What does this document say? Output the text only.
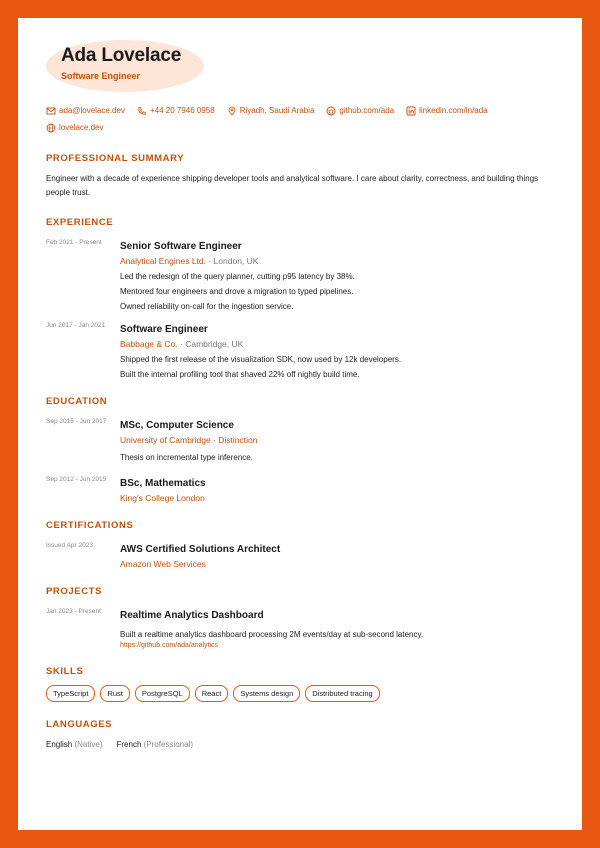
Ada Lovelace
Software Engineer
ada@lovelace.dev	+44 20 7946 0958	Riyadh, Saudi Arabia	github.com/ada	linkedin.com/in/ada
lovelace.dev
PROFESSIONAL SUMMARY
Engineer with a decade of experience shipping developer tools and analytical software. I care about clarity, correctness, and building things people trust.
EXPERIENCE
Feb 2021 - Present	Senior Software Engineer
Analytical Engines Ltd. · London, UK
Led the redesign of the query planner, cutting p95 latency by 38%.
Mentored four engineers and drove a migration to typed pipelines.
Owned reliability on-call for the ingestion service.
Jun 2017 - Jan 2021	Software Engineer
Babbage & Co. · Cambridge, UK
Shipped the first release of the visualization SDK, now used by 12k developers.
Built the internal profiling tool that shaved 22% off nightly build time.
EDUCATION
Sep 2015 - Jun 2017	MSc, Computer Science
University of Cambridge · Distinction
Thesis on incremental type inference.
Sep 2012 - Jun 2015	BSc, Mathematics
King's College London
CERTIFICATIONS
Issued Apr 2023	AWS Certified Solutions Architect
Amazon Web Services
PROJECTS
Jan 2023 - Present	Realtime Analytics Dashboard
Built a realtime analytics dashboard processing 2M events/day at sub-second latency.
https://github.com/ada/analytics
SKILLS
TypeScript	Rust	PostgreSQL	React	Systems design	Distributed tracing
LANGUAGES
English (Native) French (Professional)
